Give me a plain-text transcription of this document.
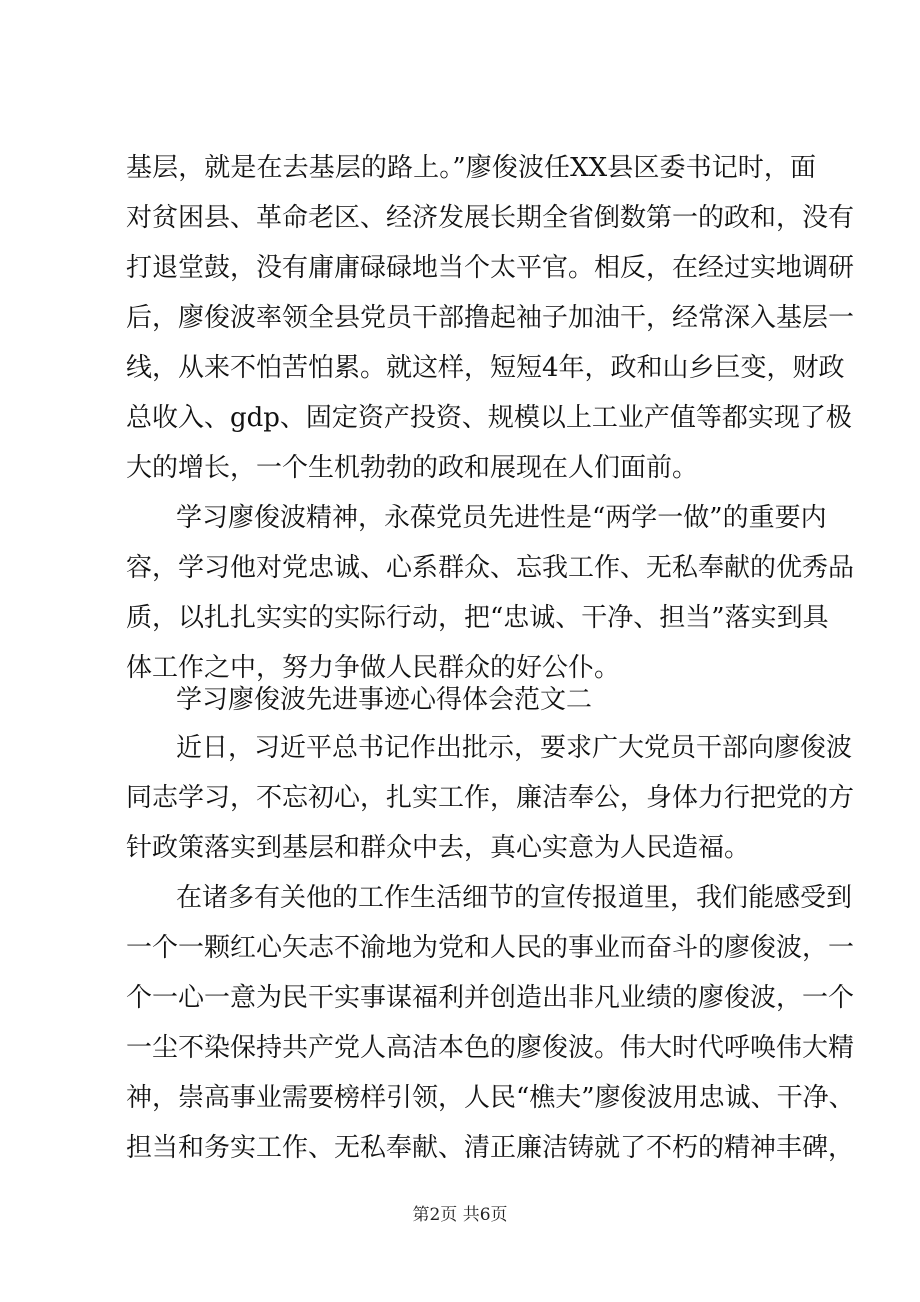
基层，就是在去基层的路上。”廖俊波任XX县区委书记时，面
对贫困县、革命老区、经济发展长期全省倒数第一的政和，没有
打退堂鼓，没有庸庸碌碌地当个太平官。相反，在经过实地调研
后，廖俊波率领全县党员干部撸起袖子加油干，经常深入基层一
线，从来不怕苦怕累。就这样，短短4年，政和山乡巨变，财政
总收入、gdp、固定资产投资、规模以上工业产值等都实现了极
大的增长，一个生机勃勃的政和展现在人们面前。
学习廖俊波精神，永葆党员先进性是“两学一做”的重要内
容，学习他对党忠诚、心系群众、忘我工作、无私奉献的优秀品
质，以扎扎实实的实际行动，把“忠诚、干净、担当”落实到具
体工作之中，努力争做人民群众的好公仆。
学习廖俊波先进事迹心得体会范文二
近日，习近平总书记作出批示，要求广大党员干部向廖俊波
同志学习，不忘初心，扎实工作，廉洁奉公，身体力行把党的方
针政策落实到基层和群众中去，真心实意为人民造福。
在诸多有关他的工作生活细节的宣传报道里，我们能感受到
一个一颗红心矢志不渝地为党和人民的事业而奋斗的廖俊波，一
个一心一意为民干实事谋福利并创造出非凡业绩的廖俊波，一个
一尘不染保持共产党人高洁本色的廖俊波。伟大时代呼唤伟大精
神，崇高事业需要榜样引领，人民“樵夫”廖俊波用忠诚、干净、
担当和务实工作、无私奉献、清正廉洁铸就了不朽的精神丰碑，
第2页 共6页
